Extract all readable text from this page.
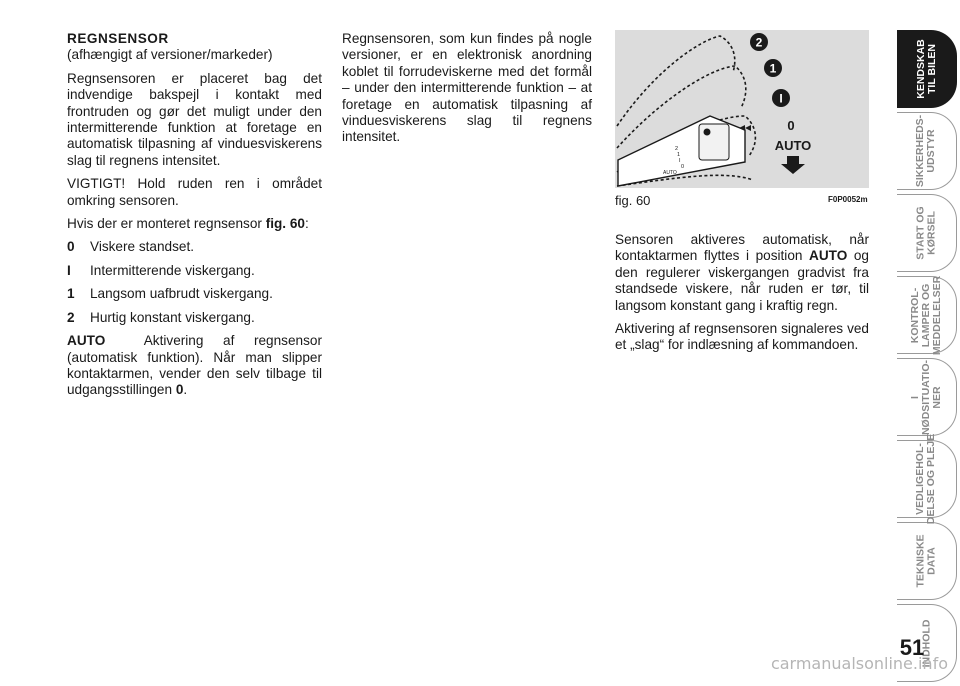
REGNSENSOR

(afhængigt af versioner/markeder)

Regnsensoren er placeret bag det indvendige bakspejl i kontakt med frontruden og gør det muligt under den intermitterende funktion at foretage en automatisk tilpasning af vinduesviskerens slag til regnens intensitet.

VIGTIGT! Hold ruden ren i området omkring sensoren.

Hvis der er monteret regnsensor fig. 60:

0	Viskere standset.
I	Intermitterende viskergang.
1	Langsom uafbrudt viskergang.
2	Hurtig konstant viskergang.

AUTO	Aktivering af regnsensor (automatisk funktion). Når man slipper kontaktarmen, vender den selv tilbage til udgangsstillingen 0.

Regnsensoren, som kun findes på nogle versioner, er en elektronisk anordning koblet til forrudeviskerne med det formål – under den intermitterende funktion – at foretage en automatisk tilpasning af vinduesviskerens slag til regnens intensitet.

2
1
I
0
AUTO
2
1
I
0
AUTO
fig. 60	F0P0052m

Sensoren aktiveres automatisk, når kontaktarmen flyttes i position AUTO og den regulerer viskergangen gradvist fra standsede viskere, når ruden er tør, til langsom konstant gang i kraftig regn.

Aktivering af regnsensoren signaleres ved et „slag“ for indlæsning af kommandoen.

KENDSKAB
TIL BILEN
SIKKERHEDS-
UDSTYR
START OG
KØRSEL
KONTROL-
LAMPER OG
MEDDELELSER
I
NØDSITUATIO-
NER
VEDLIGEHOL-
DELSE OG PLEJE
TEKNISKE
DATA
INDHOLD
51
carmanualsonline.info
